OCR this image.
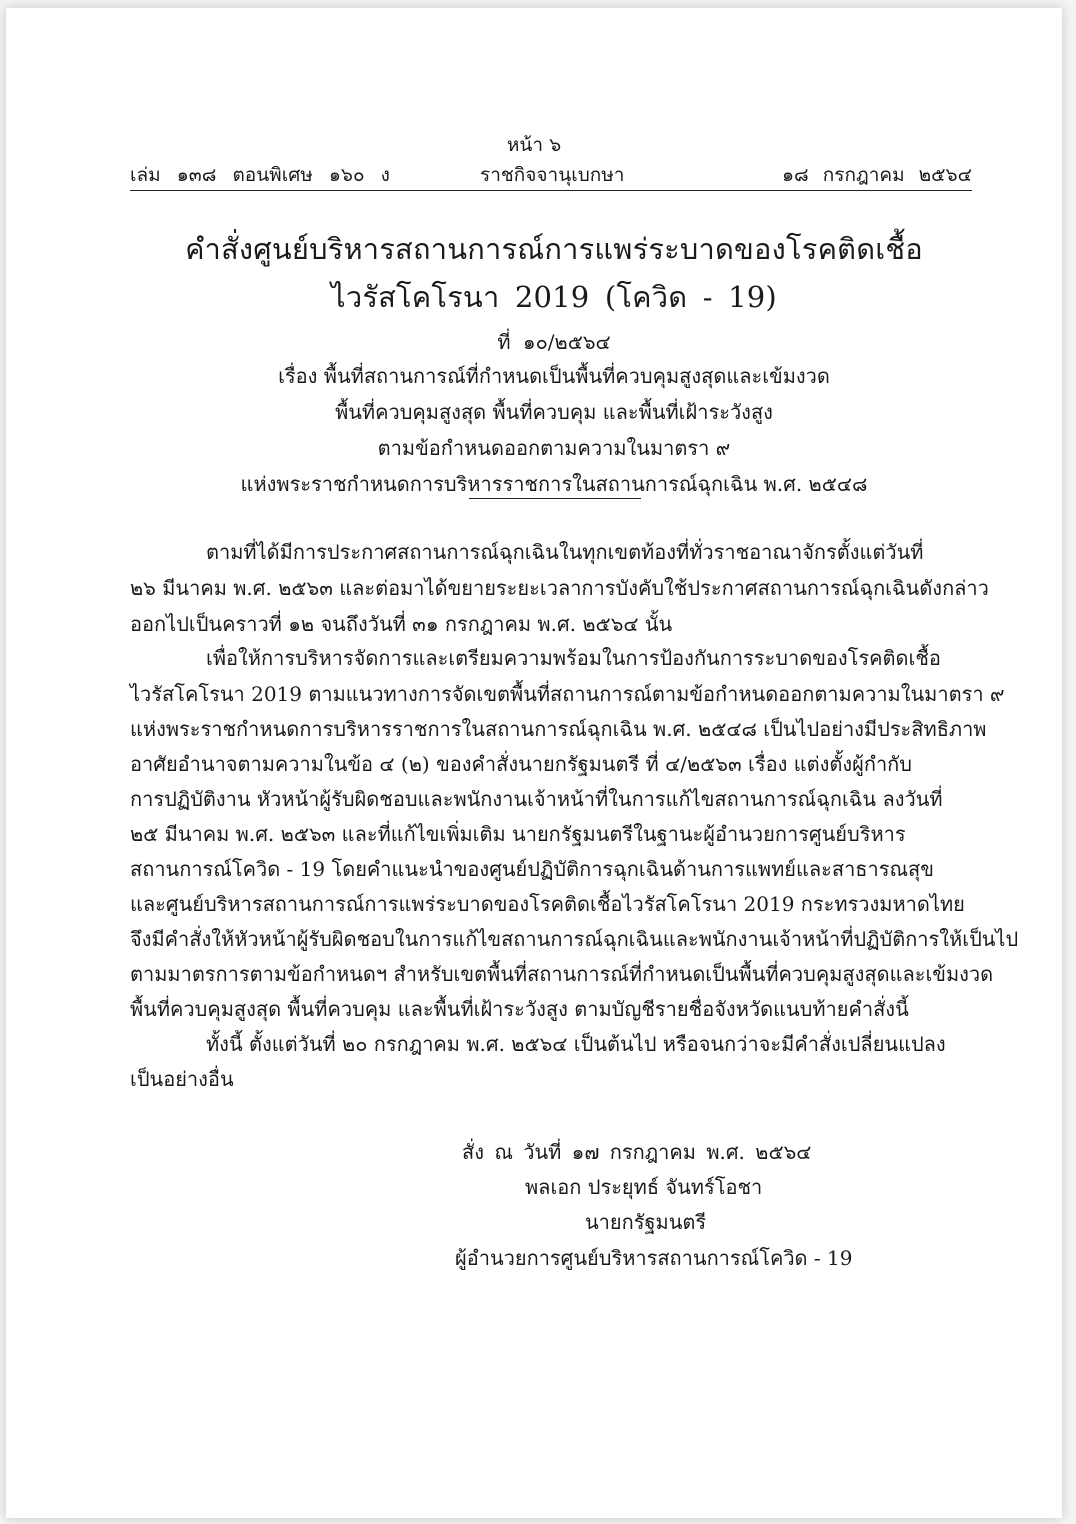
หน้า ๖
เล่ม ๑๓๘ ตอนพิเศษ ๑๖๐ ง	ราชกิจจานุเบกษา	๑๘ กรกฎาคม ๒๕๖๔
คำสั่งศูนย์บริหารสถานการณ์การแพร่ระบาดของโรคติดเชื้อ
ไวรัสโคโรนา 2019 (โควิด - 19)
ที่ ๑๐/๒๕๖๔
เรื่อง พื้นที่สถานการณ์ที่กำหนดเป็นพื้นที่ควบคุมสูงสุดและเข้มงวด
พื้นที่ควบคุมสูงสุด พื้นที่ควบคุม และพื้นที่เฝ้าระวังสูง
ตามข้อกำหนดออกตามความในมาตรา ๙
แห่งพระราชกำหนดการบริหารราชการในสถานการณ์ฉุกเฉิน พ.ศ. ๒๕๔๘
ตามที่ได้มีการประกาศสถานการณ์ฉุกเฉินในทุกเขตท้องที่ทั่วราชอาณาจักรตั้งแต่วันที่
๒๖ มีนาคม พ.ศ. ๒๕๖๓ และต่อมาได้ขยายระยะเวลาการบังคับใช้ประกาศสถานการณ์ฉุกเฉินดังกล่าว
ออกไปเป็นคราวที่ ๑๒ จนถึงวันที่ ๓๑ กรกฎาคม พ.ศ. ๒๕๖๔ นั้น
เพื่อให้การบริหารจัดการและเตรียมความพร้อมในการป้องกันการระบาดของโรคติดเชื้อ
ไวรัสโคโรนา 2019 ตามแนวทางการจัดเขตพื้นที่สถานการณ์ตามข้อกำหนดออกตามความในมาตรา ๙
แห่งพระราชกำหนดการบริหารราชการในสถานการณ์ฉุกเฉิน พ.ศ. ๒๕๔๘ เป็นไปอย่างมีประสิทธิภาพ
อาศัยอำนาจตามความในข้อ ๔ (๒) ของคำสั่งนายกรัฐมนตรี ที่ ๔/๒๕๖๓ เรื่อง แต่งตั้งผู้กำกับ
การปฏิบัติงาน หัวหน้าผู้รับผิดชอบและพนักงานเจ้าหน้าที่ในการแก้ไขสถานการณ์ฉุกเฉิน ลงวันที่
๒๕ มีนาคม พ.ศ. ๒๕๖๓ และที่แก้ไขเพิ่มเติม นายกรัฐมนตรีในฐานะผู้อำนวยการศูนย์บริหาร
สถานการณ์โควิด - 19 โดยคำแนะนำของศูนย์ปฏิบัติการฉุกเฉินด้านการแพทย์และสาธารณสุข
และศูนย์บริหารสถานการณ์การแพร่ระบาดของโรคติดเชื้อไวรัสโคโรนา 2019 กระทรวงมหาดไทย
จึงมีคำสั่งให้หัวหน้าผู้รับผิดชอบในการแก้ไขสถานการณ์ฉุกเฉินและพนักงานเจ้าหน้าที่ปฏิบัติการให้เป็นไป
ตามมาตรการตามข้อกำหนดฯ สำหรับเขตพื้นที่สถานการณ์ที่กำหนดเป็นพื้นที่ควบคุมสูงสุดและเข้มงวด
พื้นที่ควบคุมสูงสุด พื้นที่ควบคุม และพื้นที่เฝ้าระวังสูง ตามบัญชีรายชื่อจังหวัดแนบท้ายคำสั่งนี้
ทั้งนี้ ตั้งแต่วันที่ ๒๐ กรกฎาคม พ.ศ. ๒๕๖๔ เป็นต้นไป หรือจนกว่าจะมีคำสั่งเปลี่ยนแปลง
เป็นอย่างอื่น
สั่ง ณ วันที่ ๑๗ กรกฎาคม พ.ศ. ๒๕๖๔
พลเอก ประยุทธ์ จันทร์โอชา
นายกรัฐมนตรี
ผู้อำนวยการศูนย์บริหารสถานการณ์โควิด - 19
